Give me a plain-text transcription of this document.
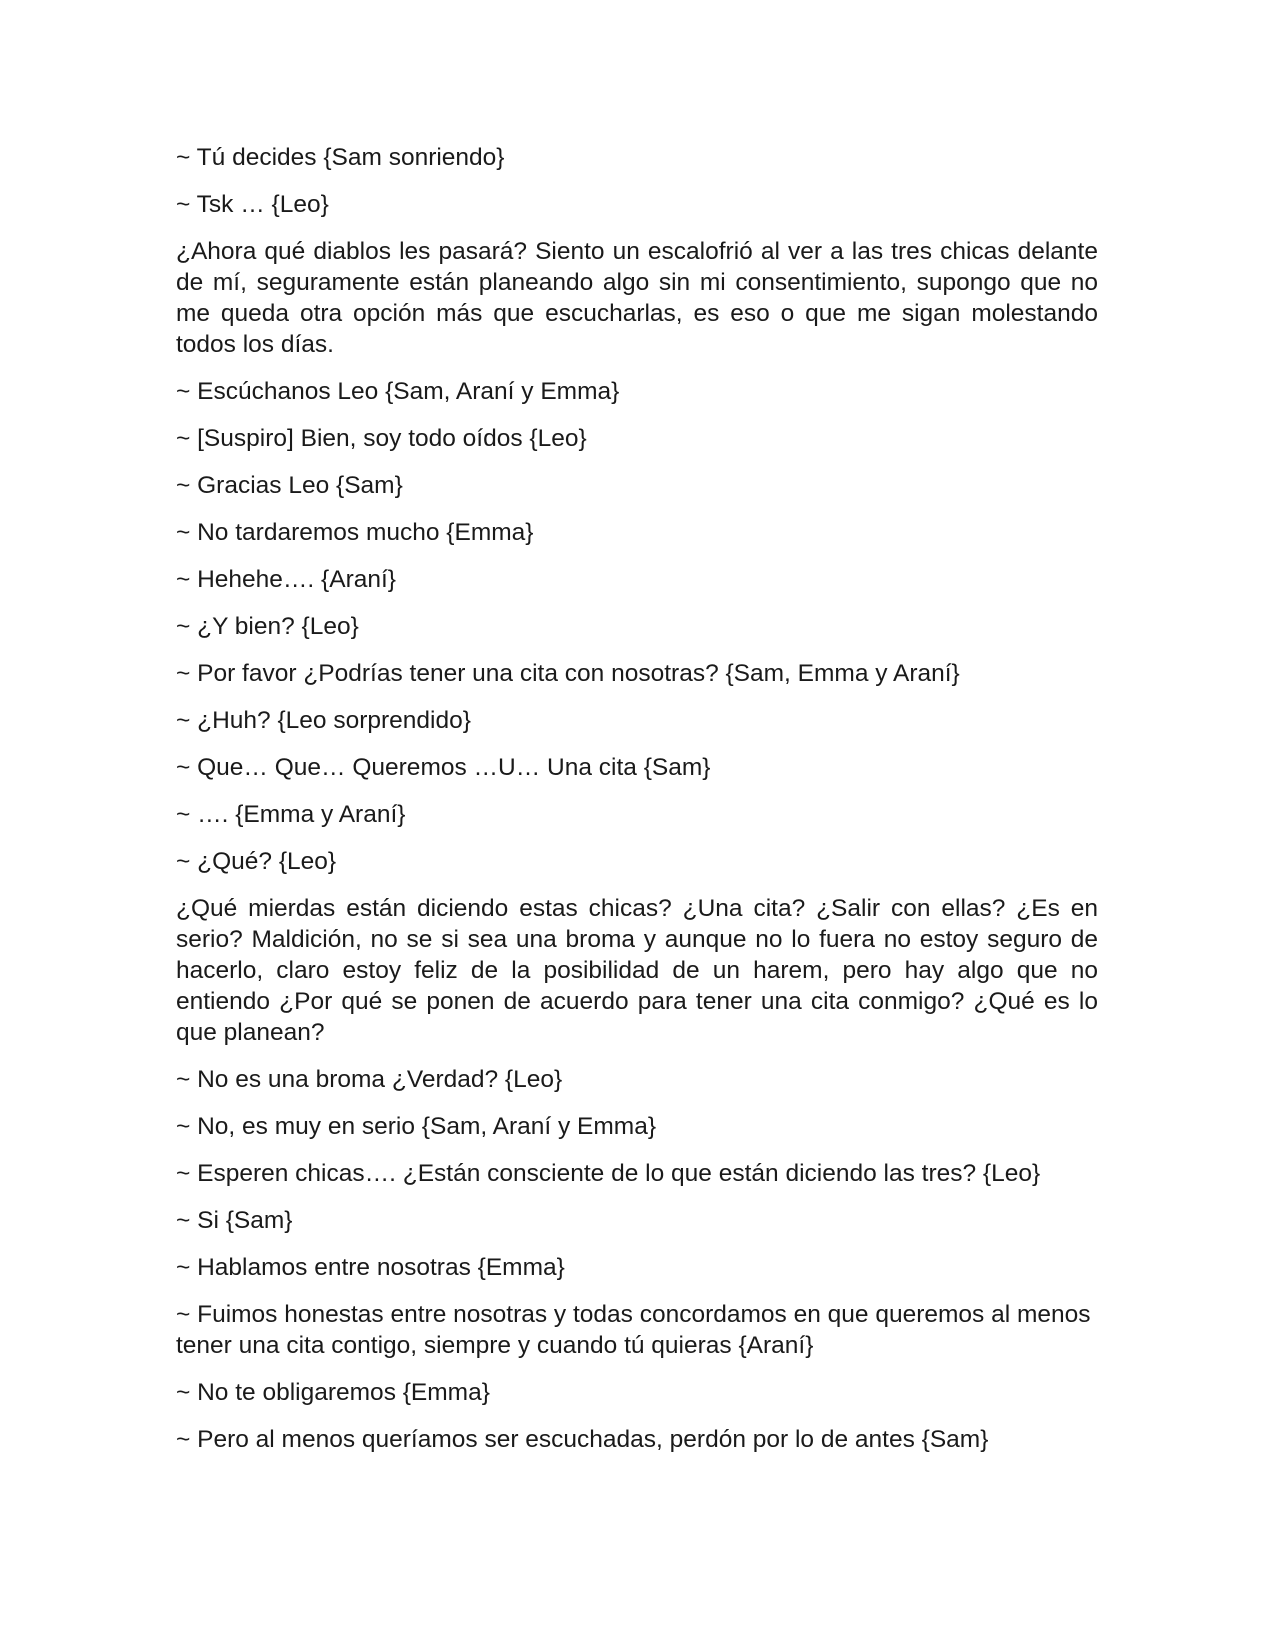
~ Tú decides {Sam sonriendo}

~ Tsk … {Leo}

¿Ahora qué diablos les pasará? Siento un escalofrió al ver a las tres chicas delante de mí, seguramente están planeando algo sin mi consentimiento, supongo que no me queda otra opción más que escucharlas, es eso o que me sigan molestando todos los días.

~ Escúchanos Leo {Sam, Araní y Emma}

~ [Suspiro] Bien, soy todo oídos {Leo}

~ Gracias Leo {Sam}

~ No tardaremos mucho {Emma}

~ Hehehe…. {Araní}

~ ¿Y bien? {Leo}

~ Por favor ¿Podrías tener una cita con nosotras? {Sam, Emma y Araní}

~ ¿Huh? {Leo sorprendido}

~ Que… Que… Queremos …U… Una cita {Sam}

~ …. {Emma y Araní}

~ ¿Qué? {Leo}

¿Qué mierdas están diciendo estas chicas? ¿Una cita? ¿Salir con ellas? ¿Es en serio? Maldición, no se si sea una broma y aunque no lo fuera no estoy seguro de hacerlo, claro estoy feliz de la posibilidad de un harem, pero hay algo que no entiendo ¿Por qué se ponen de acuerdo para tener una cita conmigo? ¿Qué es lo que planean?

~ No es una broma ¿Verdad? {Leo}

~ No, es muy en serio {Sam, Araní y Emma}

~ Esperen chicas…. ¿Están consciente de lo que están diciendo las tres? {Leo}

~ Si {Sam}

~ Hablamos entre nosotras {Emma}

~ Fuimos honestas entre nosotras y todas concordamos en que queremos al menos tener una cita contigo, siempre y cuando tú quieras {Araní}

~ No te obligaremos {Emma}

~ Pero al menos queríamos ser escuchadas, perdón por lo de antes {Sam}
